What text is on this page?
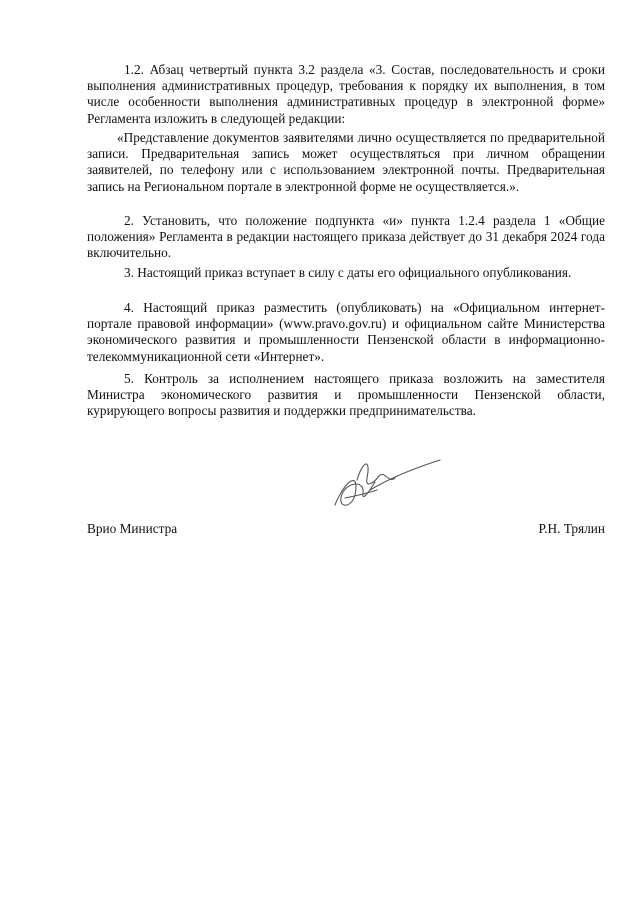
1.2. Абзац четвертый пункта 3.2 раздела «3. Состав, последовательность и сроки выполнения административных процедур, требования к порядку их выполнения, в том числе особенности выполнения административных процедур в электронной форме» Регламента изложить в следующей редакции:

«Представление документов заявителями лично осуществляется по предварительной записи. Предварительная запись может осуществляться при личном обращении заявителей, по телефону или с использованием электронной почты. Предварительная запись на Региональном портале в электронной форме не осуществляется.».

2. Установить, что положение подпункта «и» пункта 1.2.4 раздела 1 «Общие положения» Регламента в редакции настоящего приказа действует до 31 декабря 2024 года включительно.

3. Настоящий приказ вступает в силу с даты его официального опубликования.

4. Настоящий приказ разместить (опубликовать) на «Официальном интернет-портале правовой информации» (www.pravo.gov.ru) и официальном сайте Министерства экономического развития и промышленности Пензенской области в информационно-телекоммуникационной сети «Интернет».

5. Контроль за исполнением настоящего приказа возложить на заместителя Министра экономического развития и промышленности Пензенской области, курирующего вопросы развития и поддержки предпринимательства.

Врио Министра	Р.Н. Трялин
